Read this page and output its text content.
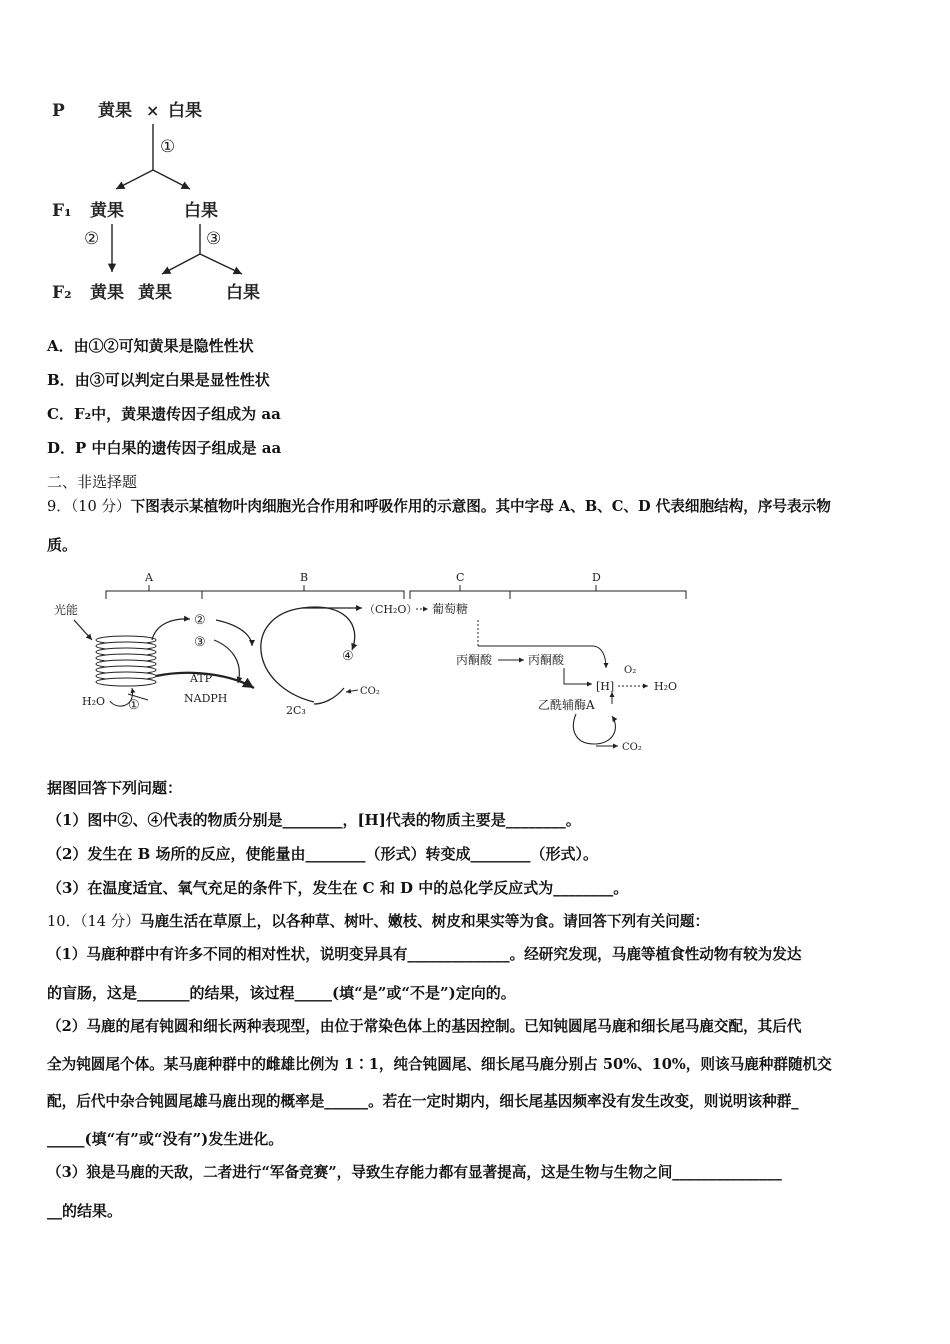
P 黄果 × 白果
①
F₁ 黄果	白果
②	③
F₂ 黄果 黄果	白果
A．由①②可知黄果是隐性性状
B．由③可以判定白果是显性性状
C．F₂中，黄果遗传因子组成为 aa
D．P 中白果的遗传因子组成是 aa
二、非选择题
9．（10 分）下图表示某植物叶肉细胞光合作用和呼吸作用的示意图。其中字母 A、B、C、D 代表细胞结构，序号表示物
质。
A	B	C	D
光能
H₂O ①
②
③
ATP
NADPH
④
2C₃
CO₂
（CH₂O） 葡萄糖
丙酮酸	丙酮酸
[H]
O₂
H₂O
乙酰辅酶A
CO₂
据图回答下列问题：
（1）图中②、④代表的物质分别是________，[H]代表的物质主要是________。
（2）发生在 B 场所的反应，使能量由________（形式）转变成________（形式）。
（3）在温度适宜、氧气充足的条件下，发生在 C 和 D 中的总化学反应式为________。
10．（14 分）马鹿生活在草原上，以各种草、树叶、嫩枝、树皮和果实等为食。请回答下列有关问题：
（1）马鹿种群中有许多不同的相对性状，说明变异具有______________。经研究发现，马鹿等植食性动物有较为发达
的盲肠，这是_______的结果，该过程_____(填“是”或“不是”)定向的。
（2）马鹿的尾有钝圆和细长两种表现型，由位于常染色体上的基因控制。已知钝圆尾马鹿和细长尾马鹿交配，其后代
全为钝圆尾个体。某马鹿种群中的雌雄比例为 1∶1，纯合钝圆尾、细长尾马鹿分别占 50%、10%，则该马鹿种群随机交
配，后代中杂合钝圆尾雄马鹿出现的概率是______。若在一定时期内，细长尾基因频率没有发生改变，则说明该种群_
_____(填“有”或“没有”)发生进化。
（3）狼是马鹿的天敌，二者进行“军备竞赛”，导致生存能力都有显著提高，这是生物与生物之间_______________
__的结果。
